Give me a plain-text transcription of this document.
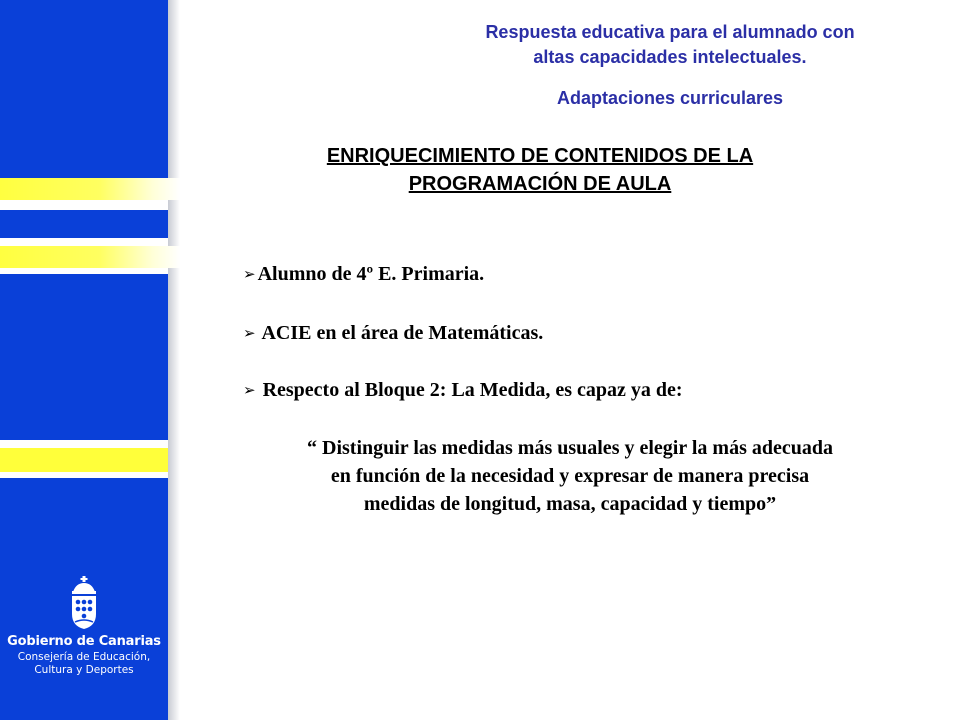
Gobierno de Canarias
Consejería de Educación,
Cultura y Deportes
Respuesta educativa para el alumnado con
altas capacidades intelectuales.
Adaptaciones curriculares
ENRIQUECIMIENTO DE CONTENIDOS DE LA
PROGRAMACIÓN DE AULA
➢ Alumno de 4º E. Primaria.
➢ ACIE en el área de Matemáticas.
➢ Respecto al Bloque 2: La Medida, es capaz ya de:
“ Distinguir las medidas más usuales y elegir la más adecuada
en función de la necesidad y expresar de manera precisa
medidas de longitud, masa, capacidad y tiempo”
